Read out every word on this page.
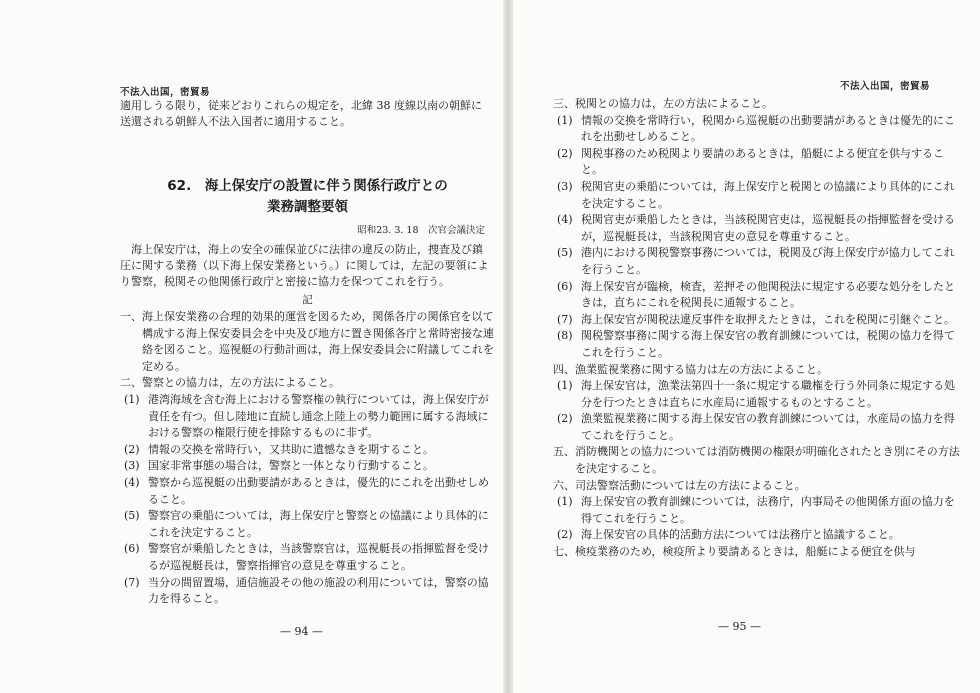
不法入出国，密貿易

適用しうる限り，従来どおりこれらの規定を，北緯 38 度線以南の朝鮮に

送還される朝鮮人不法入国者に適用すること。

62.　海上保安庁の設置に伴う関係行政庁との

業務調整要領

昭和23. 3. 18　次官会議決定

海上保安庁は，海上の安全の確保並びに法律の違反の防止，捜査及び鎮

圧に関する業務（以下海上保安業務という。）に関しては，左記の要領によ

り警察，税関その他関係行政庁と密接に協力を保つてこれを行う。

記

一、 海上保安業務の合理的効果的運営を図るため，関係各庁の関係官を以て構成する海上保安委員会を中央及び地方に置き関係各庁と常時密接な連絡を図ること。巡視艇の行動計画は，海上保安委員会に附議してこれを定める。
二、 警察との協力は，左の方法によること。
(1) 港湾海域を含む海上における警察権の執行については，海上保安庁が責任を有つ。但し陸地に直続し通念上陸上の勢力範囲に属する海域における警察の権限行使を排除するものに非ず。
(2) 情報の交換を常時行い，又共助に遺憾なきを期すること。
(3) 国家非常事態の場合は，警察と一体となり行動すること。
(4) 警察から巡視艇の出動要請があるときは，優先的にこれを出動せしめること。
(5) 警察官の乗船については，海上保安庁と警察との協議により具体的にこれを決定すること。
(6) 警察官が乗船したときは，当該警察官は，巡視艇長の指揮監督を受けるが巡視艇長は，警察指揮官の意見を尊重すること。
(7) 当分の間留置場，通信施設その他の施設の利用については，警察の協力を得ること。
— 94 —
不法入出国，密貿易
三、 税関との協力は，左の方法によること。
(1) 情報の交換を常時行い，税関から巡視艇の出動要請があるときは優先的にこれを出動せしめること。
(2) 関税事務のため税関より要請のあるときは，船艇による便宜を供与すること。
(3) 税関官吏の乗船については，海上保安庁と税関との協議により具体的にこれを決定すること。
(4) 税関官吏が乗船したときは，当該税関官吏は，巡視艇長の指揮監督を受けるが，巡視艇長は，当該税関官吏の意見を尊重すること。
(5) 港内における関税警察事務については，税関及び海上保安庁が協力してこれを行うこと。
(6) 海上保安官が臨検，検査，差押その他関税法に規定する必要な処分をしたときは，直ちにこれを税関長に通報すること。
(7) 海上保安官が関税法違反事件を取押えたときは，これを税関に引継ぐこと。
(8) 関税警察事務に関する海上保安官の教育訓練については，税関の協力を得てこれを行うこと。
四、 漁業監視業務に関する協力は左の方法によること。
(1) 海上保安官は，漁業法第四十一条に規定する職権を行う外同条に規定する処分を行つたときは直ちに水産局に通報するものとすること。
(2) 漁業監視業務に関する海上保安官の教育訓練については，水産局の協力を得てこれを行うこと。
五、 消防機関との協力については消防機関の権限が明確化されたとき別にその方法を決定すること。
六、 司法警察活動については左の方法によること。
(1) 海上保安官の教育訓練については，法務庁，内事局その他関係方面の協力を得てこれを行うこと。
(2) 海上保安官の具体的活動方法については法務庁と協議すること。
七、 検疫業務のため，検疫所より要請あるときは，船艇による便宜を供与
— 95 —
